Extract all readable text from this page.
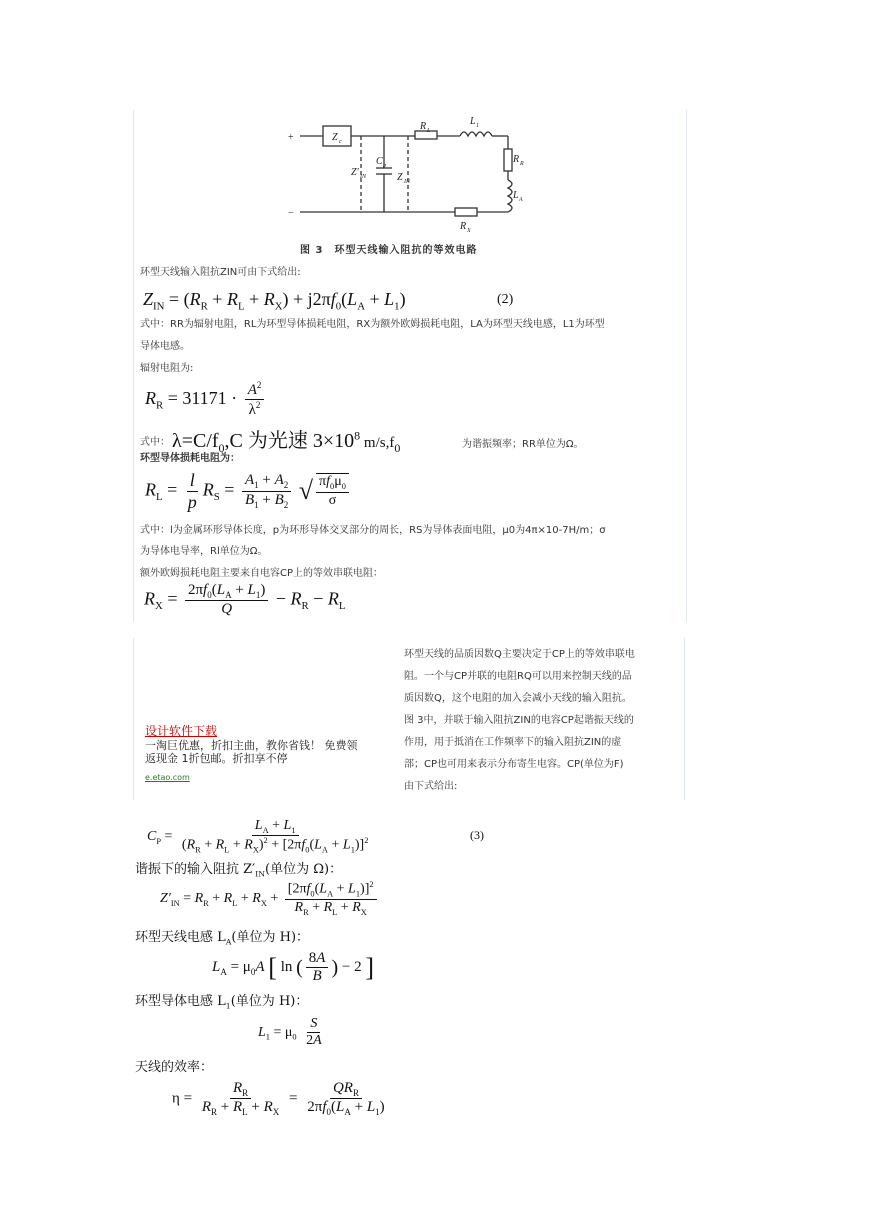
+
−
Z c
C p
Z′ IN	Z IN
R L
L 1
R R
L A
R X
图 3　环型天线输入阻抗的等效电路
环型天线输入阻抗ZIN可由下式给出:
$Z_{IN} = (R_R + R_L + R_X) + j2\pi f_0(L_A + L_1)$	(2)
式中：RR为辐射电阻，RL为环型导体损耗电阻，RX为额外欧姆损耗电阻，LA为环型天线电感，L1为环型
导体电感。
辐射电阻为:
$R_R = 31171 \cdot \frac{A^2}{\lambda^2}$
式中： $\lambda=C/f_0,C$ 为光速 $3\times 10^8$ $m/s,f_0$	为谐振频率；RR单位为Ω。
环型导体损耗电阻为：
$R_L = \frac{l}{p} R_S = \frac{A_1 + A_2}{B_1 + B_2}$ √ $\frac{\pi f_0\mu_0}{\sigma}$
式中：l为金属环形导体长度，p为环形导体交叉部分的周长，RS为导体表面电阻，μ0为4π×10-7H/m；σ
为导体电导率，Rl单位为Ω。
额外欧姆损耗电阻主要来自电容CP上的等效串联电阻：
$R_X = \frac{2\pi f_0(L_A + L_1)}{Q} - R_R - R_L$
设计软件下载
一淘巨优惠，折扣主曲，教你省钱！ 免费领
返现金 1折包邮。折扣享不停
e.etao.com
环型天线的品质因数Q主要决定于CP上的等效串联电
阻。一个与CP并联的电阻RQ可以用来控制天线的品
质因数Q，这个电阻的加入会减小天线的输入阻抗。
图 3中，并联于输入阻抗ZIN的电容CP起谐振天线的
作用，用于抵消在工作频率下的输入阻抗ZIN的虚
部；CP也可用来表示分布寄生电容。CP(单位为F)
由下式给出:
$C_P = \frac{L_A + L_1}{(R_R + R_L + R_X)^2 + [2\pi f_0(L_A + L_1)]^2}$	(3)
谐振下的输入阻抗 $Z'_{IN}$(单位为 Ω)：
$Z'_{IN} = R_R + R_L + R_X + \frac{[2\pi f_0(L_A + L_1)]^2}{R_R + R_L + R_X}$
环型天线电感 $L_A$(单位为 H)：
$L_A = \mu_0A$ [ ln ( $\frac{8A}{B}$ ) − 2 ]
环型导体电感 $L_1$(单位为 H)：
$L_1 = \mu_0 \frac{S}{2A}$
天线的效率：
$\eta = \frac{R_R}{R_R + R_L + R_X} = \frac{QR_R}{2\pi f_0(L_A + L_1)}$
